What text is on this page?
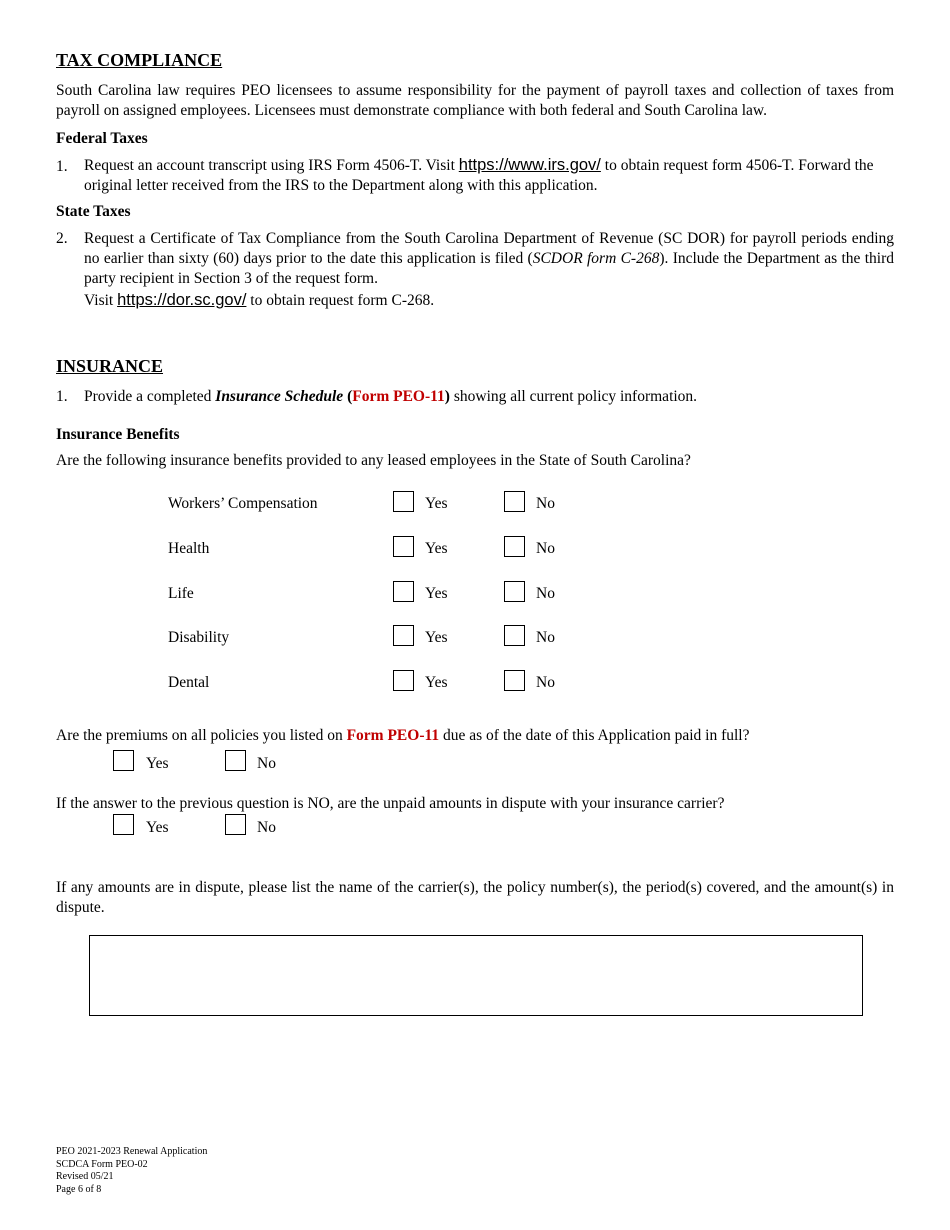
TAX COMPLIANCE
South Carolina law requires PEO licensees to assume responsibility for the payment of payroll taxes and collection of taxes from payroll on assigned employees. Licensees must demonstrate compliance with both federal and South Carolina law.
Federal Taxes
1. Request an account transcript using IRS Form 4506-T. Visit https://www.irs.gov/ to obtain request form 4506-T. Forward the original letter received from the IRS to the Department along with this application.
State Taxes
2. Request a Certificate of Tax Compliance from the South Carolina Department of Revenue (SC DOR) for payroll periods ending no earlier than sixty (60) days prior to the date this application is filed (SCDOR form C-268). Include the Department as the third party recipient in Section 3 of the request form.
Visit https://dor.sc.gov/ to obtain request form C-268.
INSURANCE
1. Provide a completed Insurance Schedule (Form PEO-11) showing all current policy information.
Insurance Benefits
Are the following insurance benefits provided to any leased employees in the State of South Carolina?
Workers’ Compensation	Yes	No
Health	Yes	No
Life	Yes	No
Disability	Yes	No
Dental	Yes	No
Are the premiums on all policies you listed on Form PEO-11 due as of the date of this Application paid in full?
Yes	No
If the answer to the previous question is NO, are the unpaid amounts in dispute with your insurance carrier?
Yes	No
If any amounts are in dispute, please list the name of the carrier(s), the policy number(s), the period(s) covered, and the amount(s) in dispute.
PEO 2021-2023 Renewal Application
SCDCA Form PEO-02
Revised 05/21
Page 6 of 8
